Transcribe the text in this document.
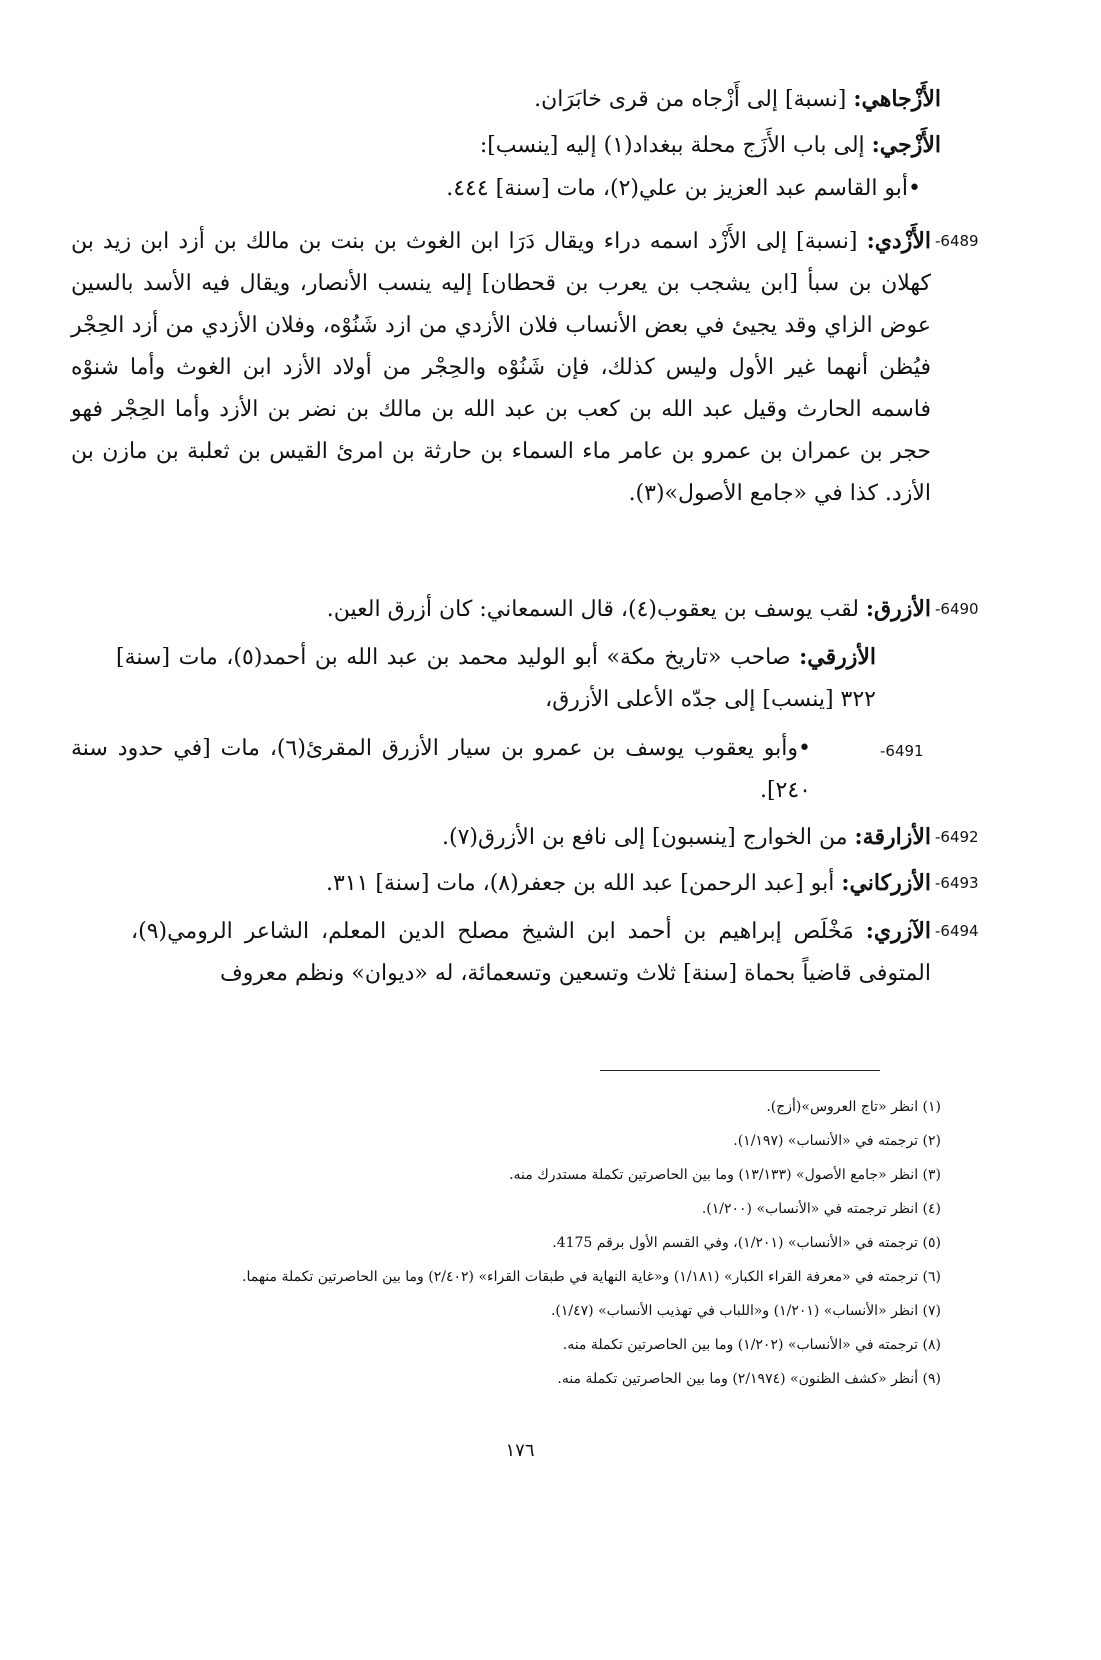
الأَزْجاهي: [نسبة] إلى أَزْجاه من قرى خابَرَان.

الأَزْجي: إلى باب الأَزَج محلة ببغداد(١) إليه [ينسب]:

•أبو القاسم عبد العزيز بن علي(٢)، مات [سنة] ٤٤٤.

-6489

الأَزْدي: [نسبة] إلى الأَزْد اسمه دراء ويقال دَرَا ابن الغوث بن بنت بن مالك بن أزد ابن زيد بن كهلان بن سبأ [ابن يشجب بن يعرب بن قحطان] إليه ينسب الأنصار، ويقال فيه الأسد بالسين عوض الزاي وقد يجيئ في بعض الأنساب فلان الأزدي من ازد شَنُوْه، وفلان الأزدي من أزد الحِجْر فيُظن أنهما غير الأول وليس كذلك، فإن شَنُوْه والحِجْر من أولاد الأزد ابن الغوث وأما شنوْه فاسمه الحارث وقيل عبد الله بن كعب بن عبد الله بن مالك بن نضر بن الأزد وأما الحِجْر فهو حجر بن عمران بن عمرو بن عامر ماء السماء بن حارثة بن امرئ القيس بن ثعلبة بن مازن بن الأزد. كذا في «جامع الأصول»(٣).

-6490

الأزرق: لقب يوسف بن يعقوب(٤)، قال السمعاني: كان أزرق العين.

الأزرقي: صاحب «تاريخ مكة» أبو الوليد محمد بن عبد الله بن أحمد(٥)، مات [سنة] ٣٢٢ [ينسب] إلى جدّه الأعلى الأزرق،

-6491

•وأبو يعقوب يوسف بن عمرو بن سيار الأزرق المقرئ(٦)، مات [في حدود سنة ٢٤٠].

-6492

الأزارقة: من الخوارج [ينسبون] إلى نافع بن الأزرق(٧).

-6493

الأزركاني: أبو [عبد الرحمن] عبد الله بن جعفر(٨)، مات [سنة] ٣١١.

-6494

الآزري: مَخْلَص إبراهيم بن أحمد ابن الشيخ مصلح الدين المعلم، الشاعر الرومي(٩)، المتوفى قاضياً بحماة [سنة] ثلاث وتسعين وتسعمائة، له «ديوان» ونظم معروف

(١) انظر «تاج العروس»(أزج).
(٢) ترجمته في «الأنساب» (١/١٩٧).
(٣) انظر «جامع الأصول» (١٣/١٣٣) وما بين الحاصرتين تكملة مستدرك منه.
(٤) انظر ترجمته في «الأنساب» (١/٢٠٠).
(٥) ترجمته في «الأنساب» (١/٢٠١)، وفي القسم الأول برقم 4175.
(٦) ترجمته في «معرفة القراء الكبار» (١/١٨١) و«غاية النهاية في طبقات القراء» (٢/٤٠٢) وما بين الحاصرتين تكملة منهما.
(٧) انظر «الأنساب» (١/٢٠١) و«اللباب في تهذيب الأنساب» (١/٤٧).
(٨) ترجمته في «الأنساب» (١/٢٠٢) وما بين الحاصرتين تكملة منه.
(٩) أنظر «كشف الظنون» (٢/١٩٧٤) وما بين الحاصرتين تكملة منه.
١٧٦
